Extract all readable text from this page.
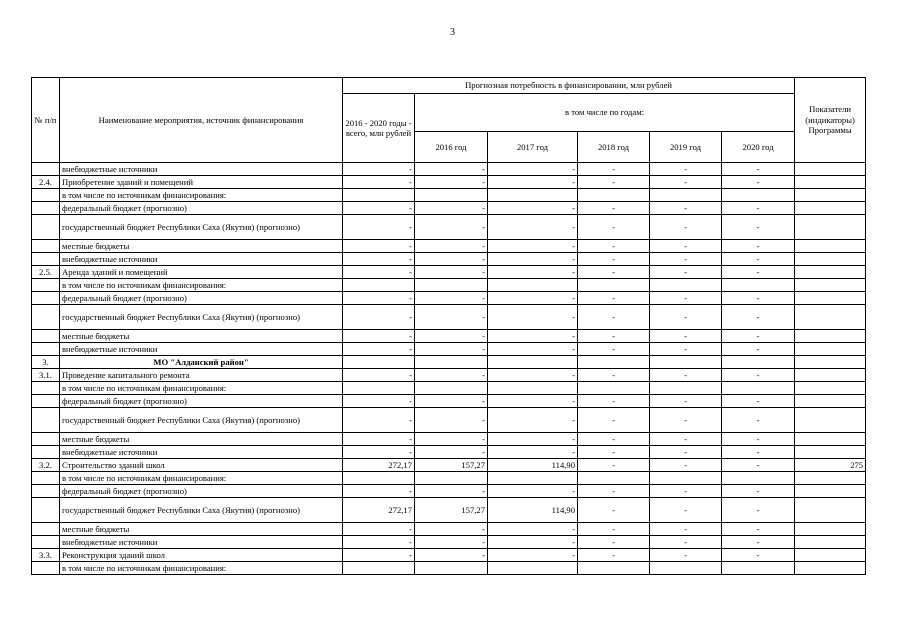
3
№ п/п	Наименование мероприятия, источник финансирования	Прогнозная потребность в финансировании, млн рублей						Показатели (индикаторы) Программы
		2016 - 2020 годы - всего, млн рублей	в том числе по годам:					
			2016 год	2017 год	2018 год	2019 год	2020 год	
	внебюджетные источники	-	-	-	-	-	-	
2.4.	Приобретение зданий и помещений	-	-	-	-	-	-	
	в том числе по источникам финансирования:							
	федеральный бюджет (прогнозно)	-	-	-	-	-	-	
	государственный бюджет Республики Саха (Якутия) (прогнозно)	-	-	-	-	-	-	
	местные бюджеты	-	-	-	-	-	-	
	внебюджетные источники	-	-	-	-	-	-	
2.5.	Аренда зданий и помещений	-	-	-	-	-	-	
	в том числе по источникам финансирования:							
	федеральный бюджет (прогнозно)	-	-	-	-	-	-	
	государственный бюджет Республики Саха (Якутия) (прогнозно)	-	-	-	-	-	-	
	местные бюджеты	-	-	-	-	-	-	
	внебюджетные источники	-	-	-	-	-	-	
3.	МО "Алданский район"							
3.1.	Проведение капитального ремонта	-	-	-	-	-	-	
	в том числе по источникам финансирования:							
	федеральный бюджет (прогнозно)	-	-	-	-	-	-	
	государственный бюджет Республики Саха (Якутия) (прогнозно)	-	-	-	-	-	-	
	местные бюджеты	-	-	-	-	-	-	
	внебюджетные источники	-	-	-	-	-	-	
3.2.	Строительство зданий школ	272,17	157,27	114,90	-	-	-	275
	в том числе по источникам финансирования:							
	федеральный бюджет (прогнозно)	-	-	-	-	-	-	
	государственный бюджет Республики Саха (Якутия) (прогнозно)	272,17	157,27	114,90	-	-	-	
	местные бюджеты	-	-	-	-	-	-	
	внебюджетные источники	-	-	-	-	-	-	
3.3.	Реконструкция зданий школ	-	-	-	-	-	-	
	в том числе по источникам финансирования:							
